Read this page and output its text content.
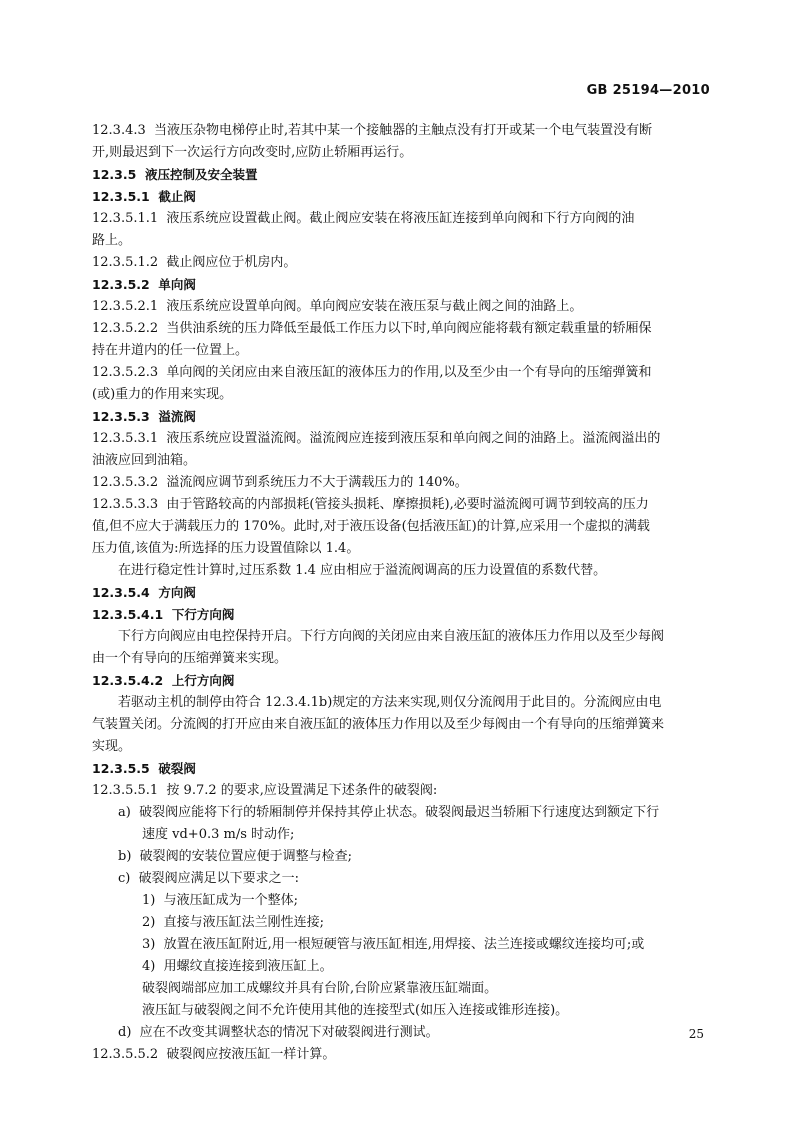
GB 25194—2010
12.3.4.3  当液压杂物电梯停止时,若其中某一个接触器的主触点没有打开或某一个电气装置没有断
开,则最迟到下一次运行方向改变时,应防止轿厢再运行。
12.3.5  液压控制及安全装置
12.3.5.1  截止阀
12.3.5.1.1  液压系统应设置截止阀。截止阀应安装在将液压缸连接到单向阀和下行方向阀的油
路上。
12.3.5.1.2  截止阀应位于机房内。
12.3.5.2  单向阀
12.3.5.2.1  液压系统应设置单向阀。单向阀应安装在液压泵与截止阀之间的油路上。
12.3.5.2.2  当供油系统的压力降低至最低工作压力以下时,单向阀应能将载有额定载重量的轿厢保
持在井道内的任一位置上。
12.3.5.2.3  单向阀的关闭应由来自液压缸的液体压力的作用,以及至少由一个有导向的压缩弹簧和
(或)重力的作用来实现。
12.3.5.3  溢流阀
12.3.5.3.1  液压系统应设置溢流阀。溢流阀应连接到液压泵和单向阀之间的油路上。溢流阀溢出的
油液应回到油箱。
12.3.5.3.2  溢流阀应调节到系统压力不大于满载压力的 140%。
12.3.5.3.3  由于管路较高的内部损耗(管接头损耗、摩擦损耗),必要时溢流阀可调节到较高的压力
值,但不应大于满载压力的 170%。此时,对于液压设备(包括液压缸)的计算,应采用一个虚拟的满载
压力值,该值为:所选择的压力设置值除以 1.4。
在进行稳定性计算时,过压系数 1.4 应由相应于溢流阀调高的压力设置值的系数代替。
12.3.5.4  方向阀
12.3.5.4.1  下行方向阀
下行方向阀应由电控保持开启。下行方向阀的关闭应由来自液压缸的液体压力作用以及至少每阀
由一个有导向的压缩弹簧来实现。
12.3.5.4.2  上行方向阀
若驱动主机的制停由符合 12.3.4.1b)规定的方法来实现,则仅分流阀用于此目的。分流阀应由电
气装置关闭。分流阀的打开应由来自液压缸的液体压力作用以及至少每阀由一个有导向的压缩弹簧来
实现。
12.3.5.5  破裂阀
12.3.5.5.1  按 9.7.2 的要求,应设置满足下述条件的破裂阀:
a)  破裂阀应能将下行的轿厢制停并保持其停止状态。破裂阀最迟当轿厢下行速度达到额定下行
速度 vd+0.3 m/s 时动作;
b)  破裂阀的安装位置应便于调整与检查;
c)  破裂阀应满足以下要求之一:
1)  与液压缸成为一个整体;
2)  直接与液压缸法兰刚性连接;
3)  放置在液压缸附近,用一根短硬管与液压缸相连,用焊接、法兰连接或螺纹连接均可;或
4)  用螺纹直接连接到液压缸上。
破裂阀端部应加工成螺纹并具有台阶,台阶应紧靠液压缸端面。
液压缸与破裂阀之间不允许使用其他的连接型式(如压入连接或锥形连接)。
d)  应在不改变其调整状态的情况下对破裂阀进行测试。
12.3.5.5.2  破裂阀应按液压缸一样计算。
25
